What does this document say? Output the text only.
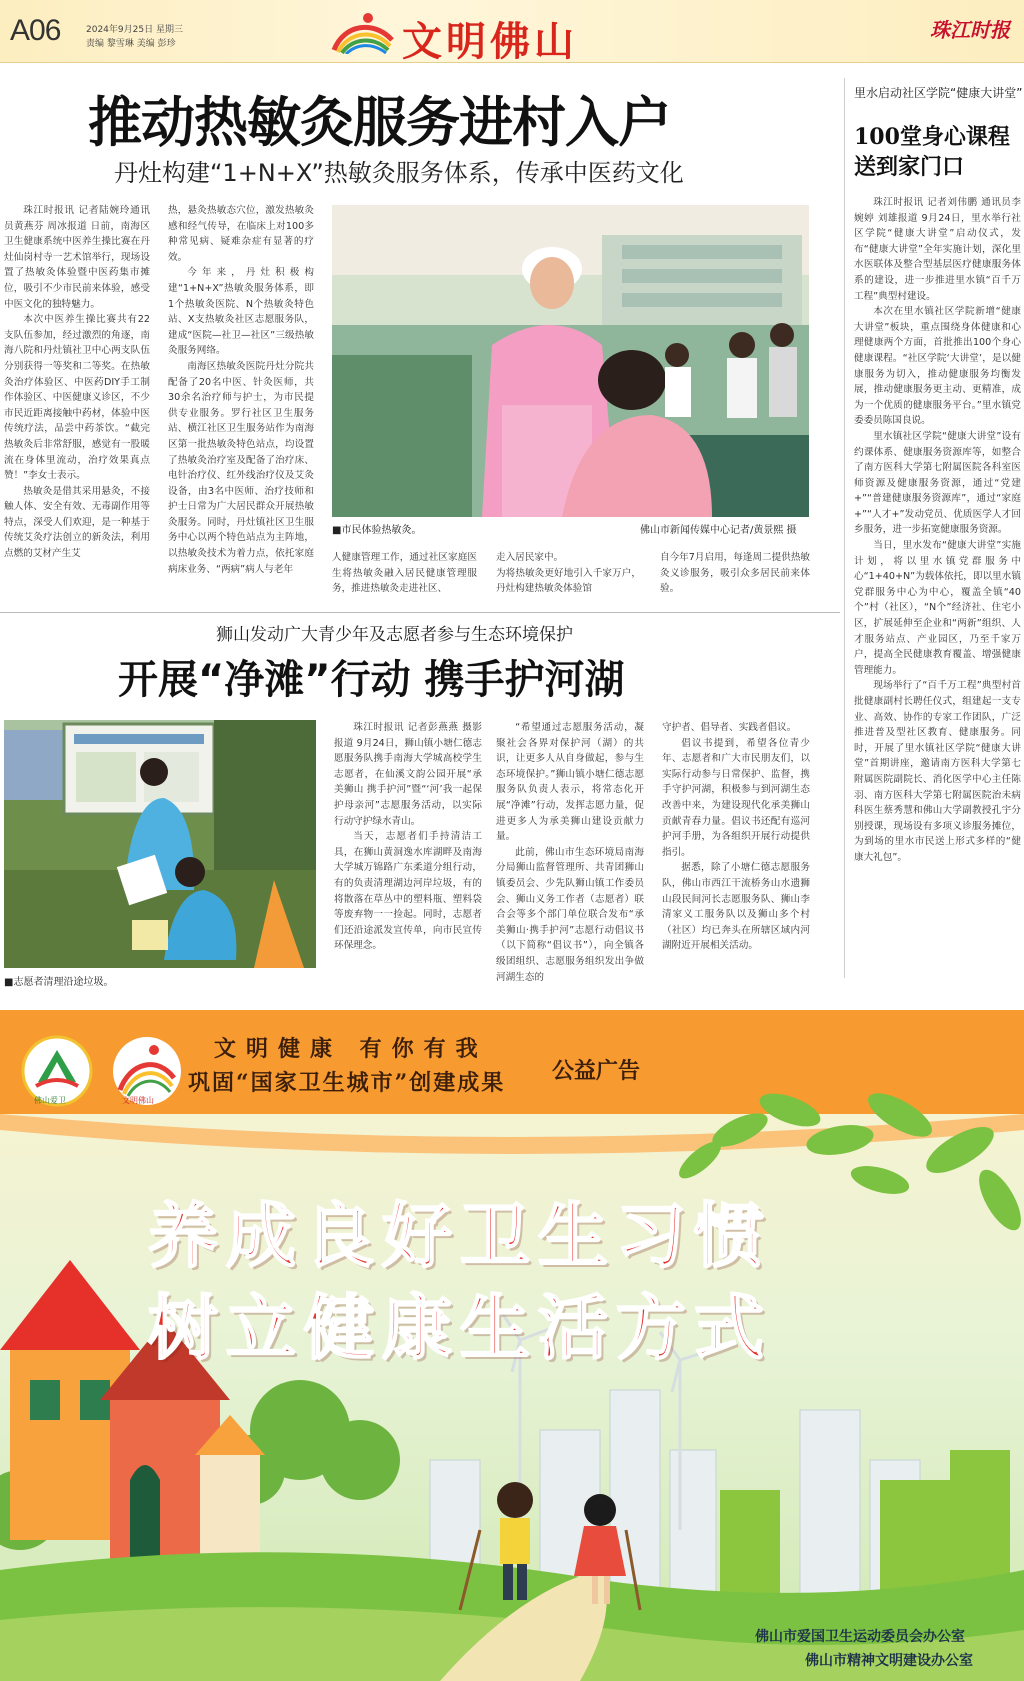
A06	2024年9月25日 星期三
责编 黎雪琳 美编 彭珍	文明佛山	珠江时报
推动热敏灸服务进村入户
丹灶构建“1+N+X”热敏灸服务体系，传承中医药文化

珠江时报讯 记者陆婉玲通讯员黄燕芬 周冰报道 日前，南海区卫生健康系统中医养生操比赛在丹灶仙岗村寺一艺术馆举行，现场设置了热敏灸体验暨中医药集市摊位，吸引不少市民前来体验，感受中医文化的独特魅力。

本次中医养生操比赛共有22支队伍参加，经过激烈的角逐，南海八院和丹灶镇社卫中心两支队伍分别获得一等奖和二等奖。在热敏灸治疗体验区、中医药DIY手工制作体验区、中医健康义诊区，不少市民近距离接触中药材，体验中医传统疗法，品尝中药茶饮。“截完热敏灸后非常舒服，感觉有一股暖流在身体里流动，治疗效果真点赞！”李女士表示。

热敏灸是借其采用悬灸，不接触人体、安全有效、无毒副作用等特点，深受人们欢迎，是一种基于传统艾灸疗法创立的新灸法，利用点燃的艾材产生艾

热，悬灸热敏态穴位，激发热敏灸感和经气传导，在临床上对100多种常见病、疑难杂症有显著的疗效。

今年来，丹灶积极构建“1+N+X”热敏灸服务体系，即1个热敏灸医院、N个热敏灸特色站、X支热敏灸社区志愿服务队，建成“医院—社卫—社区”三级热敏灸服务网络。

南海区热敏灸医院丹灶分院共配备了20名中医、针灸医师，共30余名治疗师与护士，为市民提供专业服务。罗行社区卫生服务站、横江社区卫生服务站作为南海区第一批热敏灸特色站点，均设置了热敏灸治疗室及配备了治疗床、电针治疗仪、红外线治疗仪及艾灸设备，由3名中医师、治疗技师和护士日常为广大居民群众开展热敏灸服务。同时，丹灶镇社区卫生服务中心以两个特色站点为主阵地，以热敏灸技术为着力点，依托家庭病床业务、“两病”病人与老年

■市民体验热敏灸。	佛山市新闻传媒中心记者/黄景熙 摄
人健康管理工作，通过社区家庭医生将热敏灸融入居民健康管理服务，推进热敏灸走进社区、
走入居民家中。
为将热敏灸更好地引入千家万户，丹灶构建热敏灸体验馆
自今年7月启用，每逢周二提供热敏灸义诊服务，吸引众多居民前来体验。
里水启动社区学院“健康大讲堂”
100堂身心课程
送到家门口

珠江时报讯 记者刘伟鹏 通讯员李婉婷 刘雄报道 9月24日，里水举行社区学院“健康大讲堂”启动仪式，发布“健康大讲堂”全年实施计划，深化里水医联体及整合型基层医疗健康服务体系的建设，进一步推进里水镇“百千万工程”典型村建设。

本次在里水镇社区学院新增“健康大讲堂”板块，重点围绕身体健康和心理健康两个方面，首批推出100个身心健康课程。“社区学院‘大讲堂’，是以健康服务为切入，推动健康服务均衡发展，推动健康服务更主动、更精准，成为一个优质的健康服务平台。”里水镇党委委员陈国良说。

里水镇社区学院“健康大讲堂”设有约课体系、健康服务资源库等，如整合了南方医科大学第七附属医院各科室医师资源及健康服务资源，通过“党建+”“普建健康服务资源库”，通过“家庭+”“人才+”发动党员、优质医学人才回乡服务，进一步拓宽健康服务资源。

当日，里水发布“健康大讲堂”实施计划，将以里水镇党群服务中心“1+40+N”为载体依托，即以里水镇党群服务中心为中心，覆盖全镇“40个”村（社区），“N个”经济社、住宅小区，扩展延伸至企业和“两新”组织、人才服务站点、产业园区，乃至千家万户，提高全民健康教育覆盖、增强健康管理能力。

现场举行了“百千万工程”典型村首批健康副村长聘任仪式，组建起一支专业、高效、协作的专家工作团队，广泛推进普及型社区教育、健康服务。同时，开展了里水镇社区学院“健康大讲堂”首期讲座，邀请南方医科大学第七附属医院副院长、消化医学中心主任陈羽、南方医科大学第七附属医院治未病科医生蔡秀慧和佛山大学副教授孔宇分别授课，现场设有多项义诊服务摊位，为到场的里水市民送上形式多样的“健康大礼包”。

狮山发动广大青少年及志愿者参与生态环境保护
开展“净滩”行动 携手护河湖
■志愿者清理沿途垃圾。

珠江时报讯 记者彭燕燕 摄影报道 9月24日，狮山镇小塘仁德志愿服务队携手南海大学城高校学生志愿者，在仙溪文韵公园开展“承美狮山 携手护河”暨“‘河’我一起保护母亲河”志愿服务活动，以实际行动守护绿水青山。

当天，志愿者们手持清洁工具，在狮山黄洞逸水库湖畔及南海大学城万锦路广东柔道分组行动，有的负责清理湖边河岸垃圾，有的将散落在草丛中的塑料瓶、塑料袋等废弃物一一捡起。同时，志愿者们还沿途派发宣传单，向市民宣传环保理念。

“希望通过志愿服务活动，凝聚社会各界对保护河（湖）的共识，让更多人从自身做起，参与生态环境保护。”狮山镇小塘仁德志愿服务队负责人表示，将常态化开展“净滩”行动，发挥志愿力量，促进更多人为承美狮山建设贡献力量。

此前，佛山市生态环境局南海分局狮山监督管理所、共青团狮山镇委员会、少先队狮山镇工作委员会、狮山义务工作者（志愿者）联合会等多个部门单位联合发布“承美狮山·携手护河”志愿行动倡议书（以下简称“倡议书”），向全镇各级团组织、志愿服务组织发出争做河湖生态的

守护者、倡导者、实践者倡议。

倡议书提到，希望各位青少年、志愿者和广大市民朋友们，以实际行动参与日常保护、监督，携手守护河湖，积极参与到河湖生态改善中来，为建设现代化承美狮山贡献青春力量。倡议书还配有巡河护河手册，为各组织开展行动提供指引。

据悉，除了小塘仁德志愿服务队，佛山市西江干流桥务山水遗狮山段民间河长志愿服务队、狮山李清家义工服务队以及狮山多个村（社区）均已奔头在所辖区域内河湖附近开展相关活动。

佛山爱卫	文明佛山
文明健康 有你有我
巩固“国家卫生城市”创建成果 公益广告
养成良好卫生习惯
树立健康生活方式
佛山市爱国卫生运动委员会办公室
佛山市精神文明建设办公室
